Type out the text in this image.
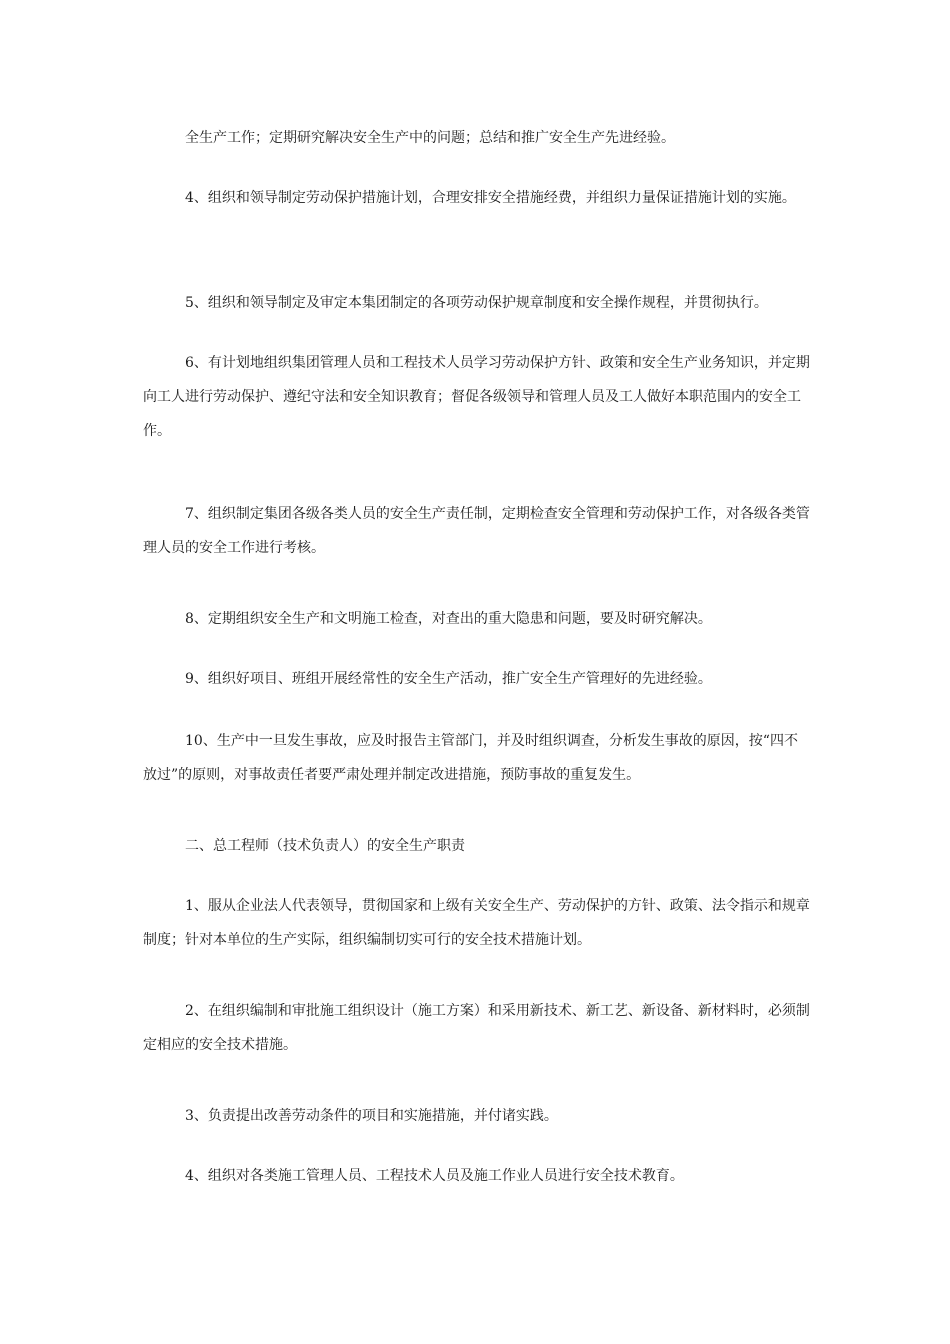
全生产工作；定期研究解决安全生产中的问题；总结和推广安全生产先进经验。

4、组织和领导制定劳动保护措施计划，合理安排安全措施经费，并组织力量保证措施计划的实施。

5、组织和领导制定及审定本集团制定的各项劳动保护规章制度和安全操作规程，并贯彻执行。

6、有计划地组织集团管理人员和工程技术人员学习劳动保护方针、政策和安全生产业务知识，并定期向工人进行劳动保护、遵纪守法和安全知识教育；督促各级领导和管理人员及工人做好本职范围内的安全工作。

7、组织制定集团各级各类人员的安全生产责任制，定期检查安全管理和劳动保护工作，对各级各类管理人员的安全工作进行考核。

8、定期组织安全生产和文明施工检查，对查出的重大隐患和问题，要及时研究解决。

9、组织好项目、班组开展经常性的安全生产活动，推广安全生产管理好的先进经验。

10、生产中一旦发生事故，应及时报告主管部门，并及时组织调查，分析发生事故的原因，按“四不放过”的原则，对事故责任者要严肃处理并制定改进措施，预防事故的重复发生。

二、总工程师（技术负责人）的安全生产职责

1、服从企业法人代表领导，贯彻国家和上级有关安全生产、劳动保护的方针、政策、法令指示和规章制度；针对本单位的生产实际，组织编制切实可行的安全技术措施计划。

2、在组织编制和审批施工组织设计（施工方案）和采用新技术、新工艺、新设备、新材料时，必须制定相应的安全技术措施。

3、负责提出改善劳动条件的项目和实施措施，并付诸实践。

4、组织对各类施工管理人员、工程技术人员及施工作业人员进行安全技术教育。
